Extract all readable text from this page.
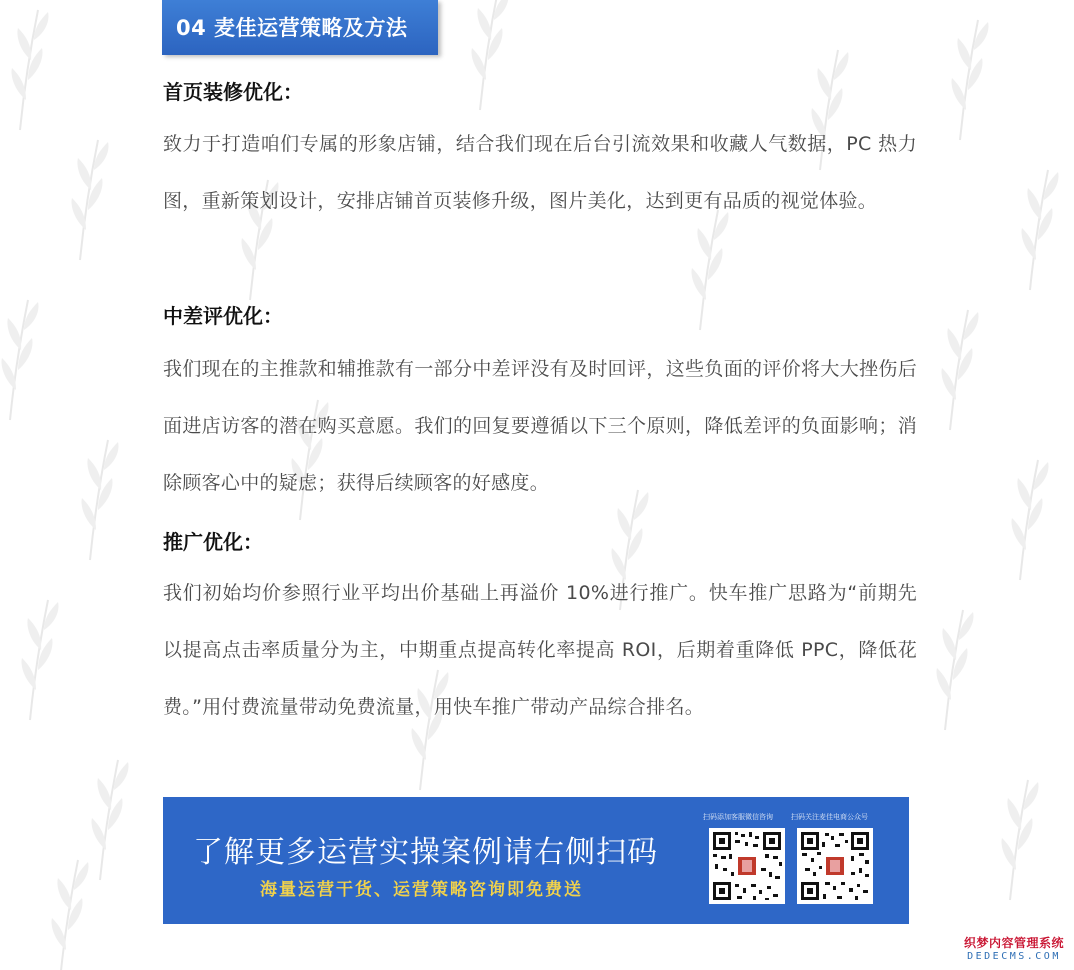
04 麦佳运营策略及方法
首页装修优化：

致力于打造咱们专属的形象店铺，结合我们现在后台引流效果和收藏人气数据，PC 热力图，重新策划设计，安排店铺首页装修升级，图片美化，达到更有品质的视觉体验。

中差评优化：

我们现在的主推款和辅推款有一部分中差评没有及时回评，这些负面的评价将大大挫伤后面进店访客的潜在购买意愿。我们的回复要遵循以下三个原则，降低差评的负面影响；消除顾客心中的疑虑；获得后续顾客的好感度。

推广优化：

我们初始均价参照行业平均出价基础上再溢价 10%进行推广。快车推广思路为“前期先以提高点击率质量分为主，中期重点提高转化率提高 ROI，后期着重降低 PPC，降低花费。”用付费流量带动免费流量，用快车推广带动产品综合排名。

了解更多运营实操案例请右侧扫码
海量运营干货、运营策略咨询即免费送
扫码添加客服微信咨询	扫码关注麦佳电商公众号
织梦内容管理系统
DEDECMS.COM
